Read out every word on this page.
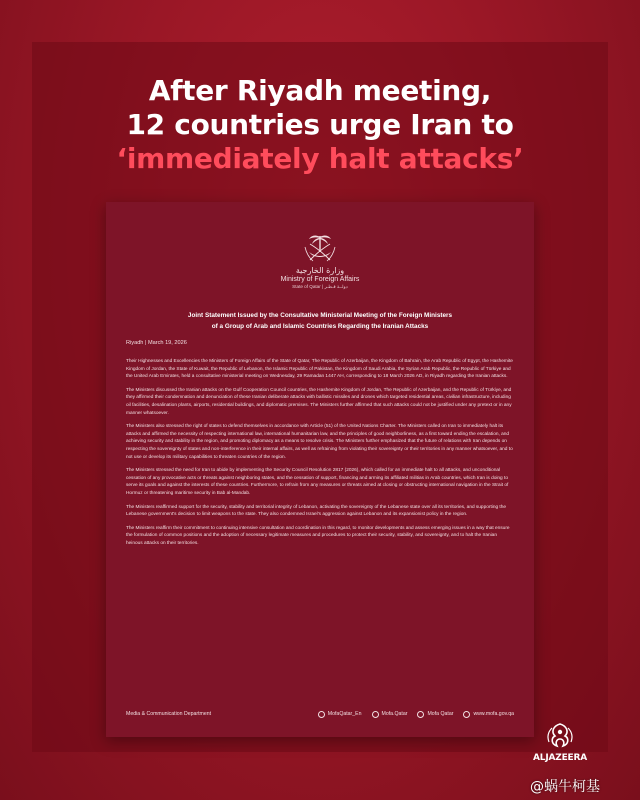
After Riyadh meeting,
12 countries urge Iran to
‘immediately halt attacks’
وزارة الخارجية
Ministry of Foreign Affairs
State of Qatar | دولــة قـطـر
Joint Statement Issued by the Consultative Ministerial Meeting of the Foreign Ministers
of a Group of Arab and Islamic Countries Regarding the Iranian Attacks
Riyadh | March 19, 2026

Their Highnesses and Excellencies the Ministers of Foreign Affairs of the State of Qatar, The Republic of Azerbaijan, the Kingdom of Bahrain, the Arab Republic of Egypt, the Hashemite Kingdom of Jordan, the State of Kuwait, the Republic of Lebanon, the Islamic Republic of Pakistan, the Kingdom of Saudi Arabia, the Syrian Arab Republic, the Republic of Türkiye and the United Arab Emirates, held a consultative ministerial meeting on Wednesday, 29 Ramadan 1447 AH, corresponding to 18 March 2026 AD, in Riyadh regarding the Iranian attacks.

The Ministers discussed the Iranian attacks on the Gulf Cooperation Council countries, the Hashemite Kingdom of Jordan, The Republic of Azerbaijan, and the Republic of Türkiye, and they affirmed their condemnation and denunciation of these Iranian deliberate attacks with ballistic missiles and drones which targeted residential areas, civilian infrastructure, including oil facilities, desalination plants, airports, residential buildings, and diplomatic premises. The Ministers further affirmed that such attacks could not be justified under any pretext or in any manner whatsoever.

The Ministers also stressed the right of states to defend themselves in accordance with Article (51) of the United Nations Charter. The Ministers called on Iran to immediately halt its attacks and affirmed the necessity of respecting international law, international humanitarian law, and the principles of good neighborliness, as a first toward ending the escalation, and achieving security and stability in the region, and promoting diplomacy as a means to resolve crisis. The Ministers further emphasized that the future of relations with Iran depends on respecting the sovereignty of states and non-interference in their internal affairs, as well as refraining from violating their sovereignty or their territories in any manner whatsoever, and to not use or develop its military capabilities to threaten countries of the region.

The Ministers stressed the need for Iran to abide by implementing the Security Council Resolution 2817 (2026), which called for an immediate halt to all attacks, and unconditional cessation of any provocative acts or threats against neighboring states, and the cessation of support, financing and arming its affiliated militias in Arab countries, which Iran is doing to serve its goals and against the interests of these countries. Furthermore, to refrain from any measures or threats aimed at closing or obstructing international navigation in the Strait of Hormuz or threatening maritime security in Bab al-Mandab.

The Ministers reaffirmed support for the security, stability and territorial integrity of Lebanon, activating the sovereignty of the Lebanese state over all its territories, and supporting the Lebanese government's decision to limit weapons to the state. They also condemned Israel's aggression against Lebanon and its expansionist policy in the region.

The Ministers reaffirm their commitment to continuing intensive consultation and coordination in this regard, to monitor developments and assess emerging issues in a way that ensure the formulation of common positions and the adoption of necessary legitimate measures and procedures to protect their security, stability, and sovereignty, and to halt the Iranian heinous attacks on their territories.

Media & Communication Department	MofaQatar_En	Mofa.Qatar	Mofa Qatar	www.mofa.gov.qa
ALJAZEERA
@蜗牛柯基
